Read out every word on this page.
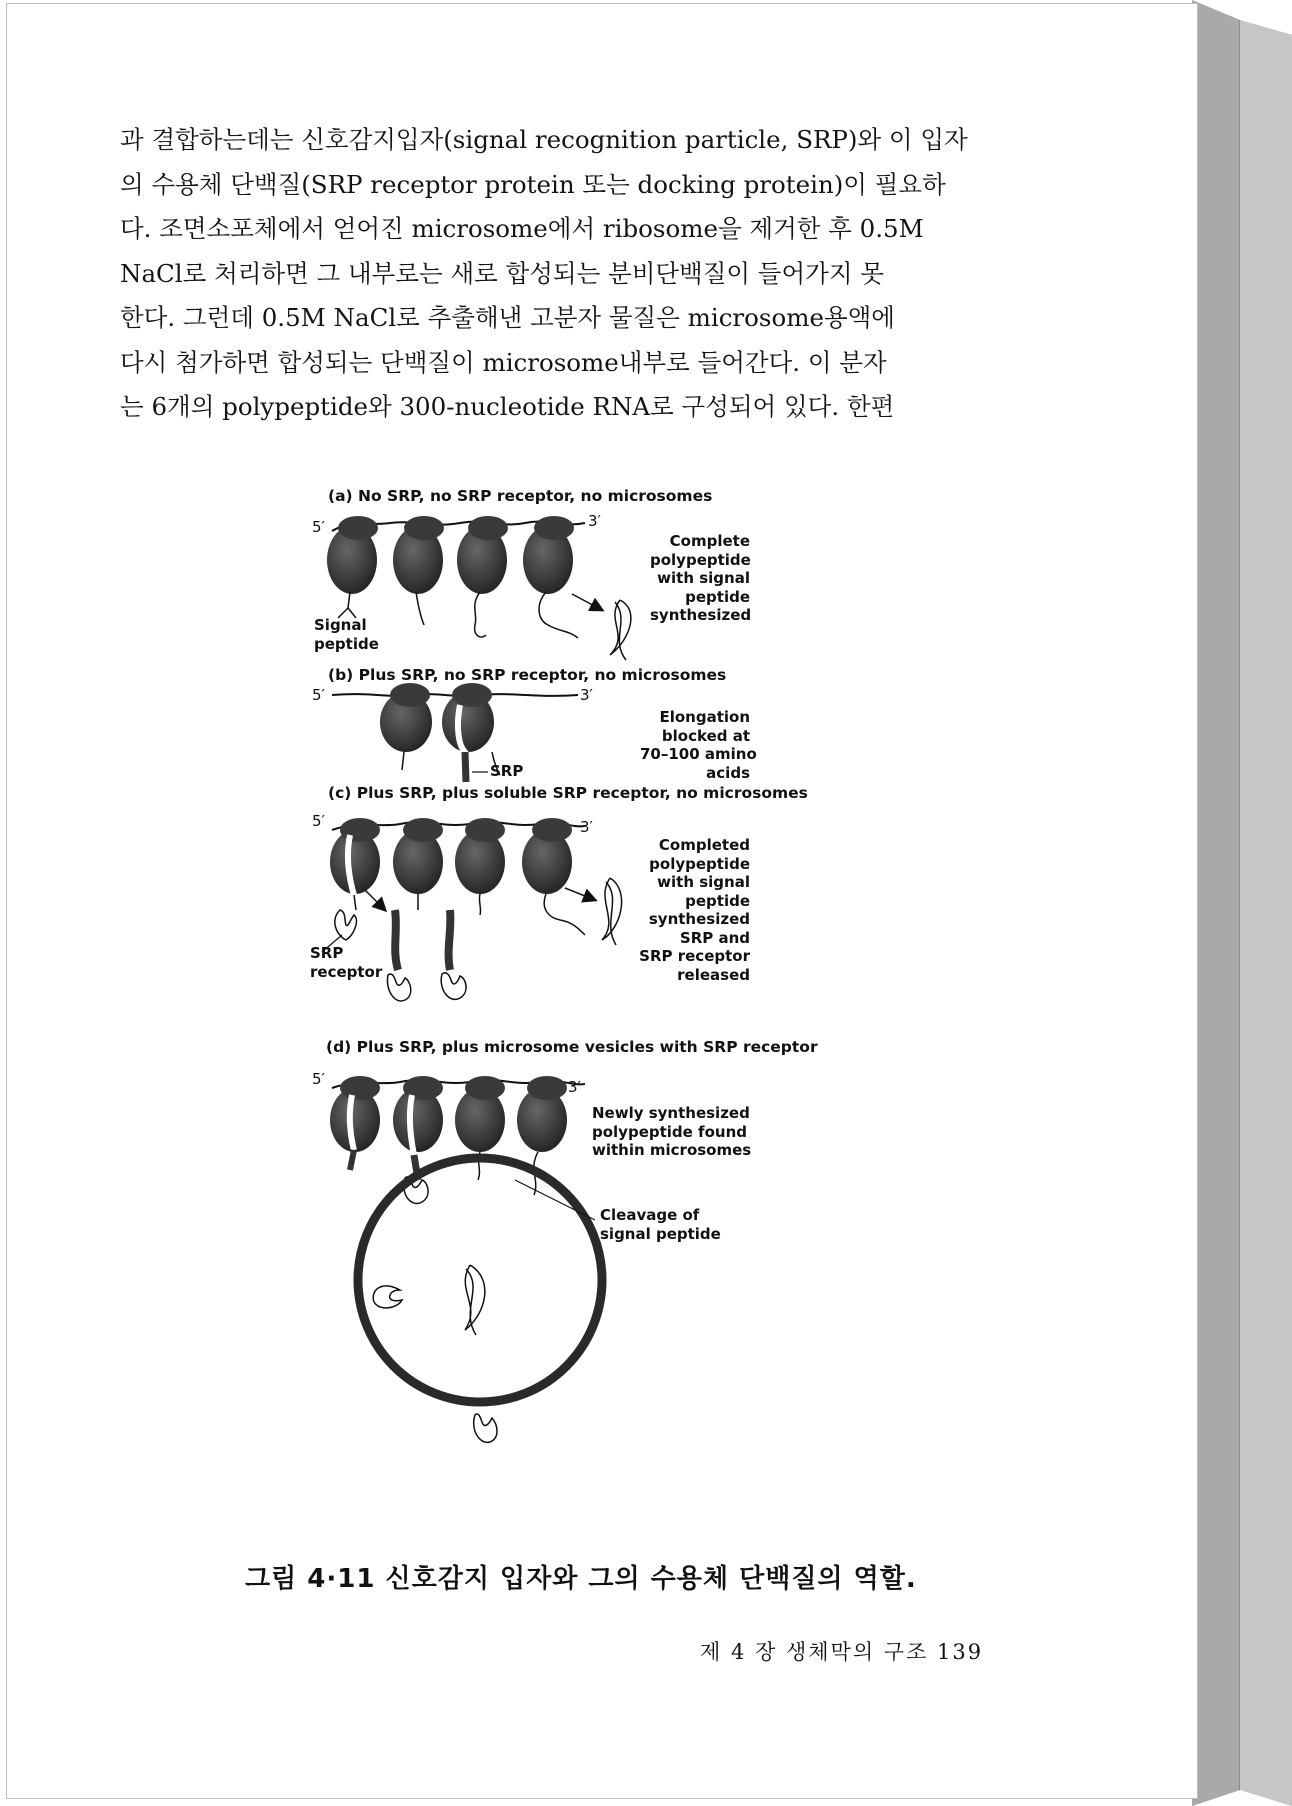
과 결합하는데는 신호감지입자(signal recognition particle, SRP)와 이 입자
의 수용체 단백질(SRP receptor protein 또는 docking protein)이 필요하
다. 조면소포체에서 얻어진 microsome에서 ribosome을 제거한 후 0.5M
NaCl로 처리하면 그 내부로는 새로 합성되는 분비단백질이 들어가지 못
한다. 그런데 0.5M NaCl로 추출해낸 고분자 물질은 microsome용액에
다시 첨가하면 합성되는 단백질이 microsome내부로 들어간다. 이 분자
는 6개의 polypeptide와 300-nucleotide RNA로 구성되어 있다. 한편
(a) No SRP, no SRP receptor, no microsomes
5′	3′
Complete
polypeptide
with signal
peptide
synthesized
Signal
peptide
(b) Plus SRP, no SRP receptor, no microsomes
5′	3′
Elongation
blocked at
70–100 amino
acids
SRP
(c) Plus SRP, plus soluble SRP receptor, no microsomes
5′	3′
Completed
polypeptide
with signal
peptide
synthesized
SRP and
SRP receptor
released
SRP
receptor
(d) Plus SRP, plus microsome vesicles with SRP receptor
5′	3′
Newly synthesized
polypeptide found
within microsomes
Cleavage of
signal peptide
그림 4·11 신호감지 입자와 그의 수용체 단백질의 역할.
제 4 장 생체막의 구조 139
